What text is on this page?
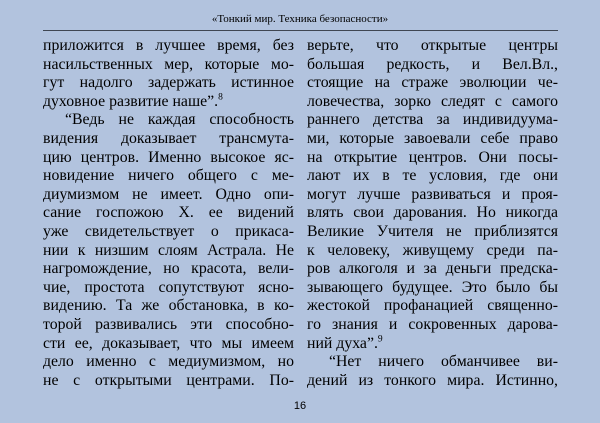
«Тонкий мир. Техника безопасности»
приложится в лучшее время, без
насильственных мер, которые мо-
гут надолго задержать истинное
духовное развитие наше”.$^8$
“Ведь не каждая способность
видения доказывает трансмута-
цию центров. Именно высокое яс-
новидение ничего общего с ме-
диумизмом не имеет. Одно опи-
сание госпожою Х. ее видений
уже свидетельствует о прикаса-
нии к низшим слоям Астрала. Не
нагромождение, но красота, вели-
чие, простота сопутствуют ясно-
видению. Та же обстановка, в ко-
торой развивались эти способно-
сти ее, доказывает, что мы имеем
дело именно с медиумизмом, но
не с открытыми центрами. По-
верьте, что открытые центры
большая редкость, и Вел.Вл.,
стоящие на страже эволюции че-
ловечества, зорко следят с самого
раннего детства за индивидуума-
ми, которые завоевали себе право
на открытие центров. Они посы-
лают их в те условия, где они
могут лучше развиваться и проя-
влять свои дарования. Но никогда
Великие Учителя не приблизятся
к человеку, живущему среди па-
ров алкоголя и за деньги предска-
зывающего будущее. Это было бы
жестокой профанацией священно-
го знания и сокровенных дарова-
ний духа”.$^9$
“Нет ничего обманчивее ви-
дений из тонкого мира. Истинно,
16
